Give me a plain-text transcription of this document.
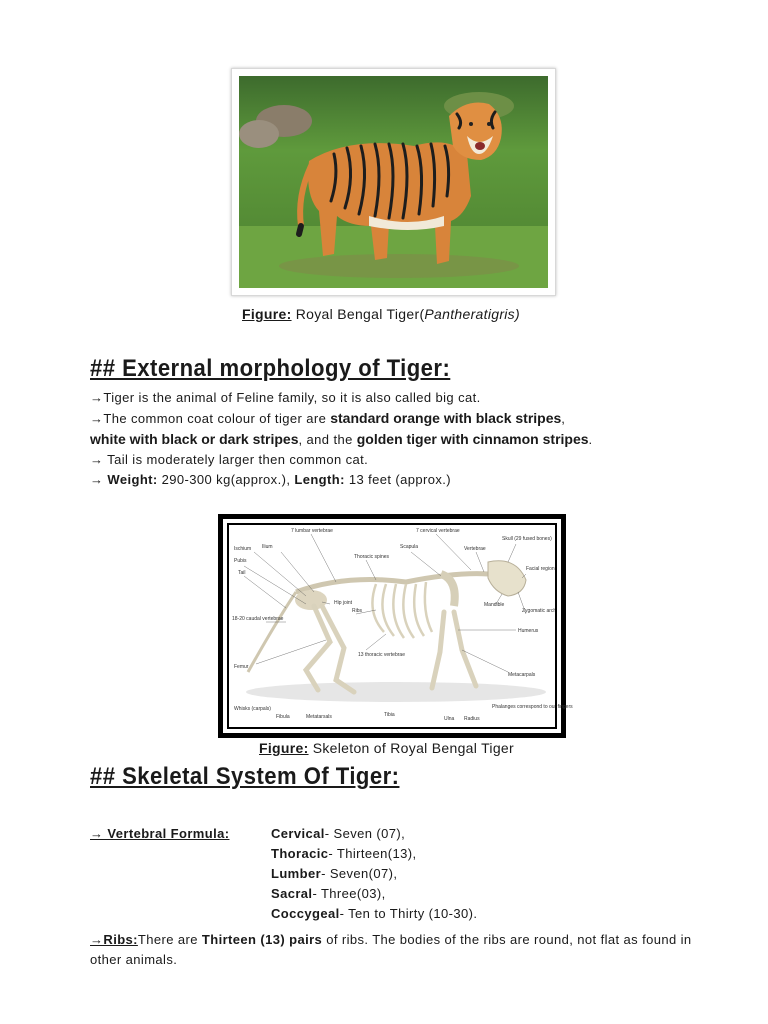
Figure: Royal Bengal Tiger(Pantheratigris)
## External morphology of Tiger:
→Tiger is the animal of Feline family, so it is also called big cat.
→The common coat colour of tiger are standard orange with black stripes,
white with black or dark stripes, and the golden tiger with cinnamon stripes.
→ Tail is moderately larger then common cat.
→ Weight: 290-300 kg(approx.), Length: 13 feet (approx.)
7 lumbar vertebrae	7 cervical vertebrae
Skull (29 fused bones)
Ischium Ilium
Pubis
Tail
Thoracic spines
Scapula	Vertebrae
Facial region
Hip joint
Ribs
Mandible
Zygomatic arch
18-20 caudal vertebrae
Humerus
13 thoracic vertebrae
Femur
Metacarpals
Whisks (carpals)
Fibula	Metatarsals	Tibia
Ulna Radius
Phalanges correspond to our fingers
Figure: Skeleton of Royal Bengal Tiger
## Skeletal System Of Tiger:
→ Vertebral Formula:	Cervical- Seven (07),
Thoracic- Thirteen(13),
Lumber- Seven(07),
Sacral- Three(03),
Coccygeal- Ten to Thirty (10-30).
→Ribs:There are Thirteen (13) pairs of ribs. The bodies of the ribs are round, not flat as found in
other animals.
